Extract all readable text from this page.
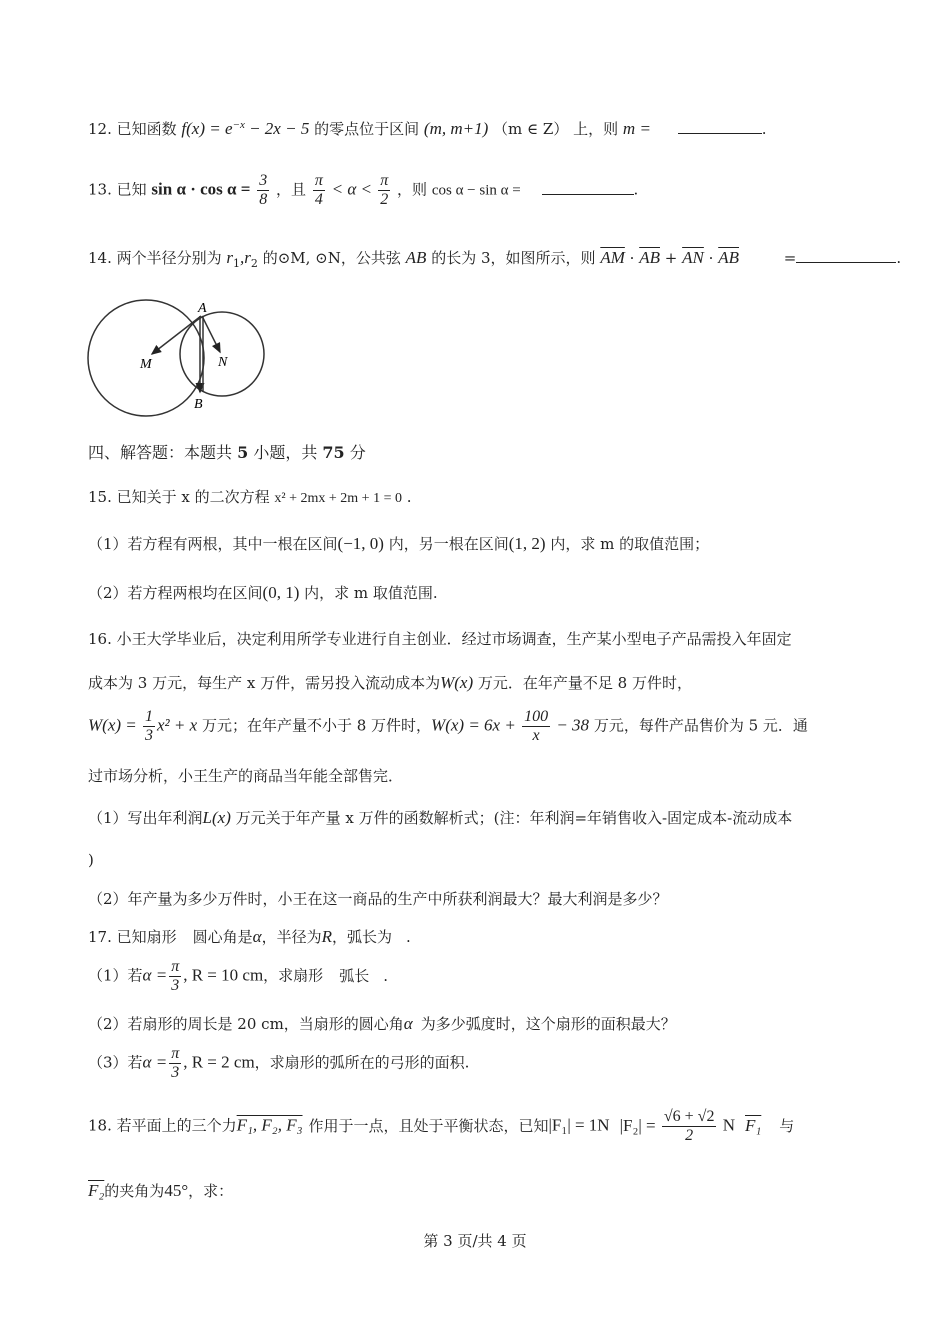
12. 已知函数 $f(x) = e^{-x} - 2x - 5$ 的零点位于区间 (m, m+1) （m ∈ Z） 上，则 m =	.
13. 已知 $\sin \alpha \cdot \cos \alpha = \frac{3}{8}$ ，且 $\frac{\pi}{4} < \alpha < \frac{\pi}{2}$ ，则 cos α − sin α =	.
14. 两个半径分别为 $r_1,r_2$ 的⊙M, ⊙N，公共弦 AB 的长为 3，如图所示，则 $\overline{AM} \cdot \overline{AB} + \overline{AN} \cdot \overline{AB}$	=	.
A
B
M	N
四、解答题：本题共 5 小题，共 75 分
15. 已知关于 x 的二次方程 x² + 2mx + 2m + 1 = 0 .
（1）若方程有两根，其中一根在区间(−1, 0) 内，另一根在区间(1, 2) 内，求 m 的取值范围；
（2）若方程两根均在区间(0, 1) 内，求 m 取值范围.
16. 小王大学毕业后，决定利用所学专业进行自主创业．经过市场调查，生产某小型电子产品需投入年固定
成本为 3 万元，每生产 x 万件，需另投入流动成本为W(x) 万元．在年产量不足 8 万件时，
$W(x) = \frac{1}{3} x^2 + x$ 万元；在年产量不小于 8 万件时，$W(x) = 6x + \frac{100}{x} - 38$ 万元，每件产品售价为 5 元．通
过市场分析，小王生产的商品当年能全部售完．
（1）写出年利润L(x) 万元关于年产量 x 万件的函数解析式；(注：年利润=年销售收入-固定成本-流动成本
)
（2）年产量为多少万件时，小王在这一商品的生产中所获利润最大？最大利润是多少？
17. 已知扇形 圆心角是α，半径为R，弧长为 .
（1）若$\alpha = \frac{\pi}{3}$ , R = 10 cm，求扇形 弧长 .
（2）若扇形的周长是 20 cm，当扇形的圆心角α 为多少弧度时，这个扇形的面积最大？
（3）若$\alpha = \frac{\pi}{3}$ , R = 2 cm，求扇形的弧所在的弓形的面积.
18. 若平面上的三个力F₁, F₂, F₃ 作用于一点，且处于平衡状态，已知|F₁| = 1N $|F_2| = \frac{√6 + √2}{2}$ N F₁ 与
F₂的夹角为45°，求：
第 3 页/共 4 页
